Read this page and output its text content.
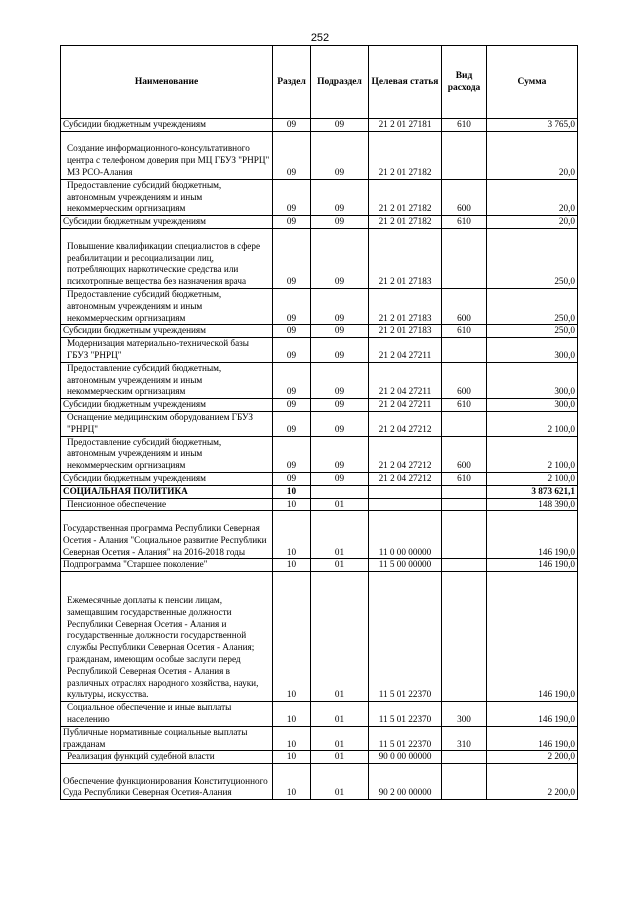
252
Наименование	Раздел	Подраздел	Целевая статья	Вид расхода	Сумма
Субсидии бюджетным учреждениям	09	09	21 2 01 27181	610	3 765,0
Создание информационного-консультативного центра с телефоном доверия при МЦ ГБУЗ "РНРЦ" МЗ РСО-Алания	09	09	21 2 01 27182		20,0
Предоставление субсидий бюджетным, автономным учреждениям и иным некоммерческим оргнизациям	09	09	21 2 01 27182	600	20,0
Субсидии бюджетным учреждениям	09	09	21 2 01 27182	610	20,0
Повышение квалификации специалистов в сфере реабилитации и ресоциализации лиц, потребляющих наркотические средства или психотропные вещества без назначения врача	09	09	21 2 01 27183		250,0
Предоставление субсидий бюджетным, автономным учреждениям и иным некоммерческим оргнизациям	09	09	21 2 01 27183	600	250,0
Субсидии бюджетным учреждениям	09	09	21 2 01 27183	610	250,0
Модернизация материально-технической базы ГБУЗ "РНРЦ"	09	09	21 2 04 27211		300,0
Предоставление субсидий бюджетным, автономным учреждениям и иным некоммерческим оргнизациям	09	09	21 2 04 27211	600	300,0
Субсидии бюджетным учреждениям	09	09	21 2 04 27211	610	300,0
Оснащение медицинским оборудованием ГБУЗ "РНРЦ"	09	09	21 2 04 27212		2 100,0
Предоставление субсидий бюджетным, автономным учреждениям и иным некоммерческим оргнизациям	09	09	21 2 04 27212	600	2 100,0
Субсидии бюджетным учреждениям	09	09	21 2 04 27212	610	2 100,0
СОЦИАЛЬНАЯ ПОЛИТИКА	10				3 873 621,1
Пенсионное обеспечение	10	01			148 390,0
Государственная программа Республики Северная Осетия - Алания "Социальное развитие Республики Северная Осетия - Алания" на 2016-2018 годы	10	01	11 0 00 00000		146 190,0
Подпрограмма "Старшее поколение"	10	01	11 5 00 00000		146 190,0
Ежемесячные доплаты к пенсии лицам, замещавшим государственные должности Республики Северная Осетия - Алания и государственные должности государственной службы Республики Северная Осетия - Алания; гражданам, имеющим особые заслуги перед Республикой Северная Осетия - Алания в различных отраслях народного хозяйства, науки, культуры, искусства.	10	01	11 5 01 22370		146 190,0
Социальное обеспечение и иные выплаты населению	10	01	11 5 01 22370	300	146 190,0
Публичные нормативные социальные выплаты гражданам	10	01	11 5 01 22370	310	146 190,0
Реализация функций судебной власти	10	01	90 0 00 00000		2 200,0
Обеспечение функционирования Конституционного Суда Республики Северная Осетия-Алания	10	01	90 2 00 00000		2 200,0
